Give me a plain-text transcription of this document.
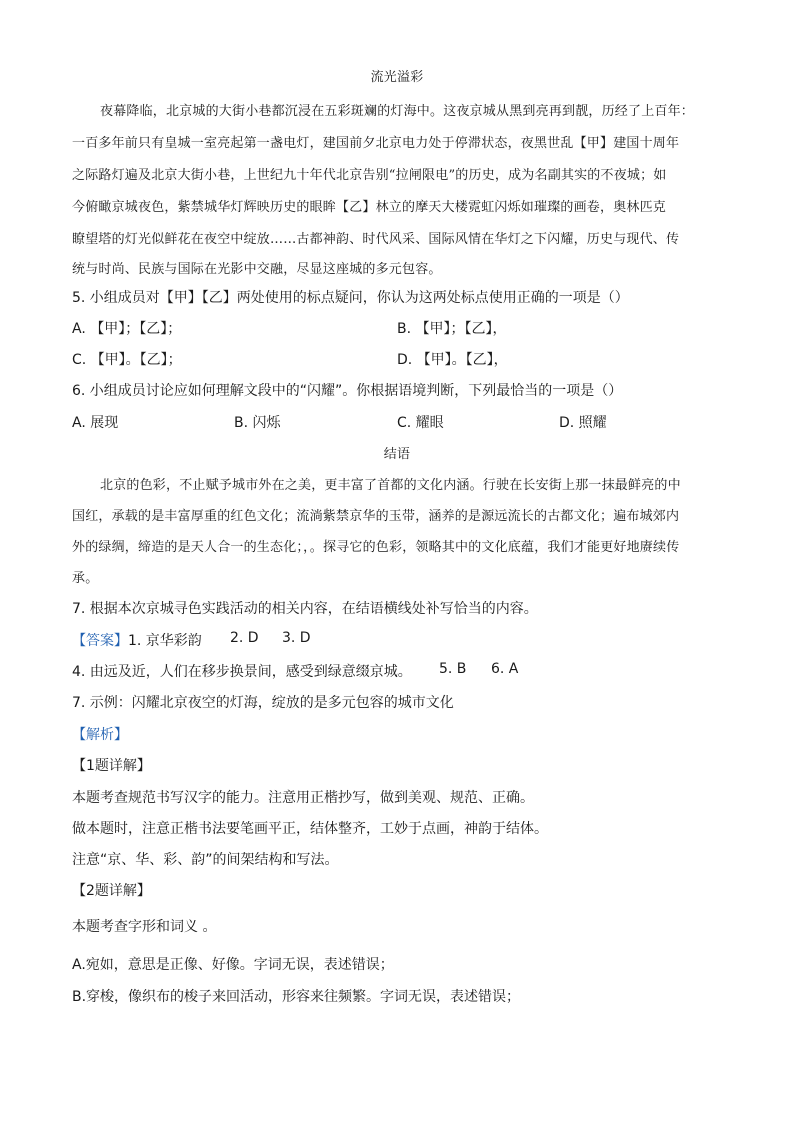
流光溢彩
夜幕降临，北京城的大街小巷都沉浸在五彩斑斓的灯海中。这夜京城从黑到亮再到靓，历经了上百年：
一百多年前只有皇城一室亮起第一盏电灯，建国前夕北京电力处于停滞状态，夜黑世乱【甲】建国十周年
之际路灯遍及北京大街小巷，上世纪九十年代北京告别“拉闸限电”的历史，成为名副其实的不夜城；如
今俯瞰京城夜色，紫禁城华灯辉映历史的眼眸【乙】林立的摩天大楼霓虹闪烁如璀璨的画卷，奥林匹克
瞭望塔的灯光似鲜花在夜空中绽放……古都神韵、时代风采、国际风情在华灯之下闪耀，历史与现代、传
统与时尚、民族与国际在光影中交融，尽显这座城的多元包容。
5. 小组成员对【甲】【乙】两处使用的标点疑问，你认为这两处标点使用正确的一项是（）
A. 【甲】；【乙】；	B. 【甲】；【乙】，
C. 【甲】。【乙】；	D. 【甲】。【乙】，
6. 小组成员讨论应如何理解文段中的“闪耀”。你根据语境判断，下列最恰当的一项是（）
A. 展现	B. 闪烁	C. 耀眼	D. 照耀
结语
北京的色彩，不止赋予城市外在之美，更丰富了首都的文化内涵。行驶在长安街上那一抹最鲜亮的中
国红，承载的是丰富厚重的红色文化；流淌紫禁京华的玉带，涵养的是源远流长的古都文化；遍布城郊内
外的绿绸，缔造的是天人合一的生态化；，。探寻它的色彩，领略其中的文化底蕴，我们才能更好地赓续传
承。
7. 根据本次京城寻色实践活动的相关内容，在结语横线处补写恰当的内容。
【答案】 1. 京华彩韵 2. D 3. D
4. 由远及近，人们在移步换景间，感受到绿意缀京城。 5. B 6. A
7. 示例：闪耀北京夜空的灯海，绽放的是多元包容的城市文化
【解析】
【1题详解】
本题考查规范书写汉字的能力。注意用正楷抄写，做到美观、规范、正确。
做本题时，注意正楷书法要笔画平正，结体整齐，工妙于点画，神韵于结体。
注意“京、华、彩、韵”的间架结构和写法。
【2题详解】
本题考查字形和词义 。
A.宛如，意思是正像、好像。字词无误，表述错误；
B.穿梭，像织布的梭子来回活动，形容来往频繁。字词无误，表述错误；
